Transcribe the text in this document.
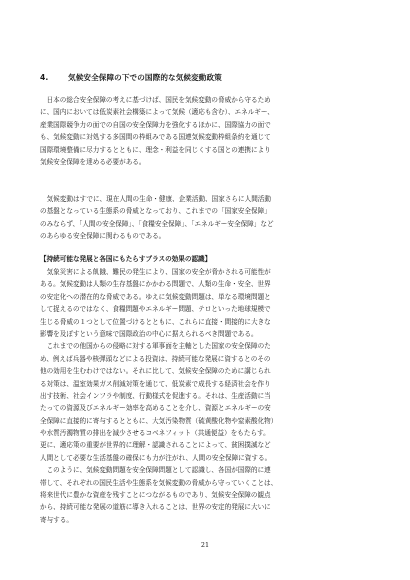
4.	気候安全保障の下での国際的な気候変動政策
　日本の総合安全保障の考えに基づけば、国民を気候変動の脅威から守るため
に、国内においては低炭素社会構築によって気候（適応も含む）、エネルギー、
産業国際競争力の面での自国の安全保障力を強化するほかに、国際協力の面で
も、気候変動に対処する多国間の枠組みである国連気候変動枠組条約を通じて
国際環境整備に尽力するとともに、理念・利益を同じくする国との連携により
気候安全保障を達める必要がある。
　気候変動はすでに、現在人間の生命・健康、企業活動、国家さらに人間活動
の基盤となっている生態系の脅威となっており、これまでの「国家安全保障」
のみならず、「人間の安全保障」、「食糧安全保障」、「エネルギー安全保障」など
のあらゆる安全保障に関わるものである。
【持続可能な発展と各国にもたらすプラスの効果の認識】
　気象災害による飢餓、難民の発生により、国家の安全が脅かされる可能性が
ある。気候変動は人類の生存基盤にかかわる問題で、人類の生命・安全、世界
の安定化への潜在的な脅威である。ゆえに気候変動問題は、単なる環境問題と
して捉えるのではなく、食糧問題やエネルギー問題、テロといった地球規模で
生じる脅威の１つとして位置づけるとともに、これらに直接・間接的に大きな
影響を及ぼすという意味で国際政治の中心に据えられるべき問題である。
　これまでの他国からの侵略に対する軍事面を主軸とした国家の安全保障のた
め、例えば兵器や核弾頭などによる投資は、持続可能な発展に資するとのその
他の効用を生むわけではない。それに比して、気候安全保障のために講じられ
る対策は、温室効果ガス削減対策を通じて、低炭素で成長する経済社会を作り
出す技術、社会インフラや制度、行動様式を促進する。それは、生産活動に当
たっての資源及びエネルギー効率を高めることを介し、資源とエネルギーの安
全保障に直接的に寄与するとともに、大気汚染物質（硫黄酸化物や窒素酸化物）
や水質汚濁物質の排出を減少させるコベネフィット（共通便益）をもたらす。
更に、適応策の重要が世界的に理解・認識されることによって、貧困撲滅など
人間として必要な生活基盤の確保にも力が注がれ、人間の安全保障に資する。
　このように、気候変動問題を安全保障問題として認識し、各国が国際的に連
帯して、それぞれの国民生活や生態系を気候変動の脅威から守っていくことは、
将来世代に豊かな資産を残すことにつながるものであり、気候安全保障の観点
から、持続可能な発展の道筋に導き入れることは、世界の安定的発展に大いに
寄与する。
21
